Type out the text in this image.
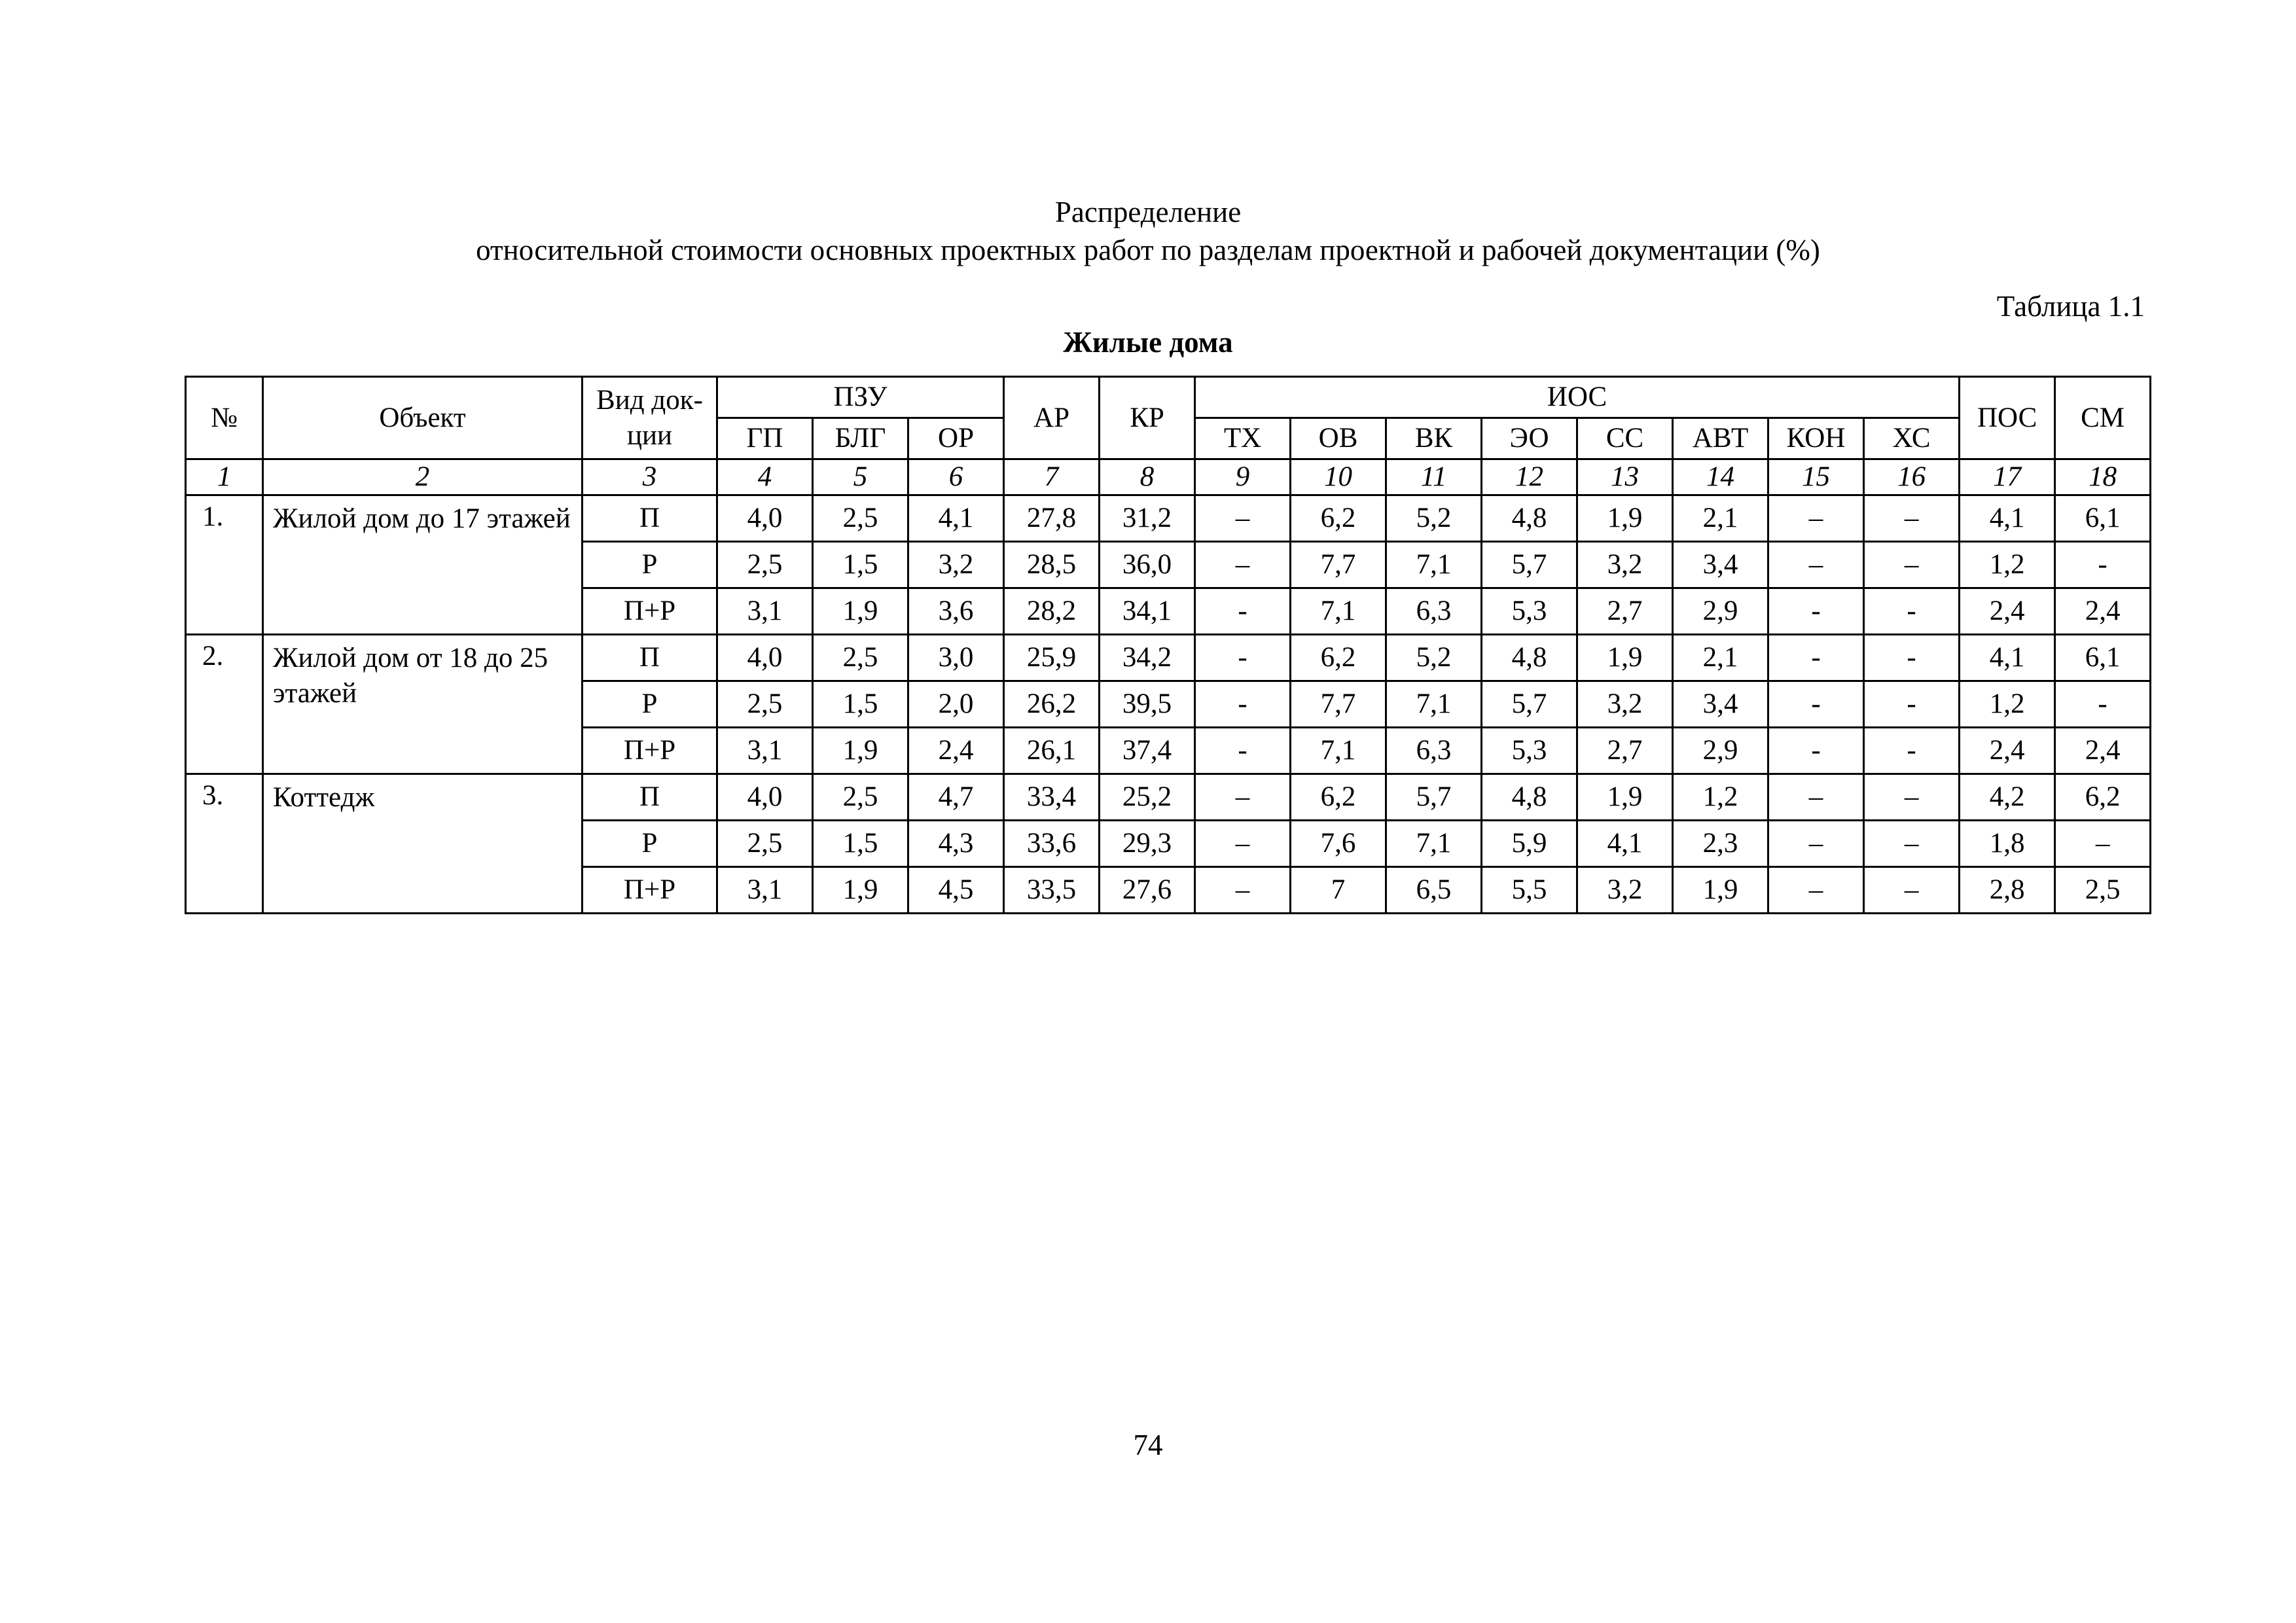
Распределение
относительной стоимости основных проектных работ по разделам проектной и рабочей документации (%)
Таблица 1.1
Жилые дома
№	Объект	Вид док-ции	ПЗУ			АР	КР	ИОС								ПОС	СМ
			ГП	БЛГ	ОР			ТХ	ОВ	ВК	ЭО	СС	АВТ	КОН	ХС		
1	2	3	4	5	6	7	8	9	10	11	12	13	14	15	16	17	18
1.	Жилой дом до 17 этажей	П	4,0	2,5	4,1	27,8	31,2	–	6,2	5,2	4,8	1,9	2,1	–	–	4,1	6,1
		Р	2,5	1,5	3,2	28,5	36,0	–	7,7	7,1	5,7	3,2	3,4	–	–	1,2	-
		П+Р	3,1	1,9	3,6	28,2	34,1	-	7,1	6,3	5,3	2,7	2,9	-	-	2,4	2,4
2.	Жилой дом от 18 до 25 этажей	П	4,0	2,5	3,0	25,9	34,2	-	6,2	5,2	4,8	1,9	2,1	-	-	4,1	6,1
		Р	2,5	1,5	2,0	26,2	39,5	-	7,7	7,1	5,7	3,2	3,4	-	-	1,2	-
		П+Р	3,1	1,9	2,4	26,1	37,4	-	7,1	6,3	5,3	2,7	2,9	-	-	2,4	2,4
3.	Коттедж	П	4,0	2,5	4,7	33,4	25,2	–	6,2	5,7	4,8	1,9	1,2	–	–	4,2	6,2
		Р	2,5	1,5	4,3	33,6	29,3	–	7,6	7,1	5,9	4,1	2,3	–	–	1,8	–
		П+Р	3,1	1,9	4,5	33,5	27,6	–	7	6,5	5,5	3,2	1,9	–	–	2,8	2,5
74
